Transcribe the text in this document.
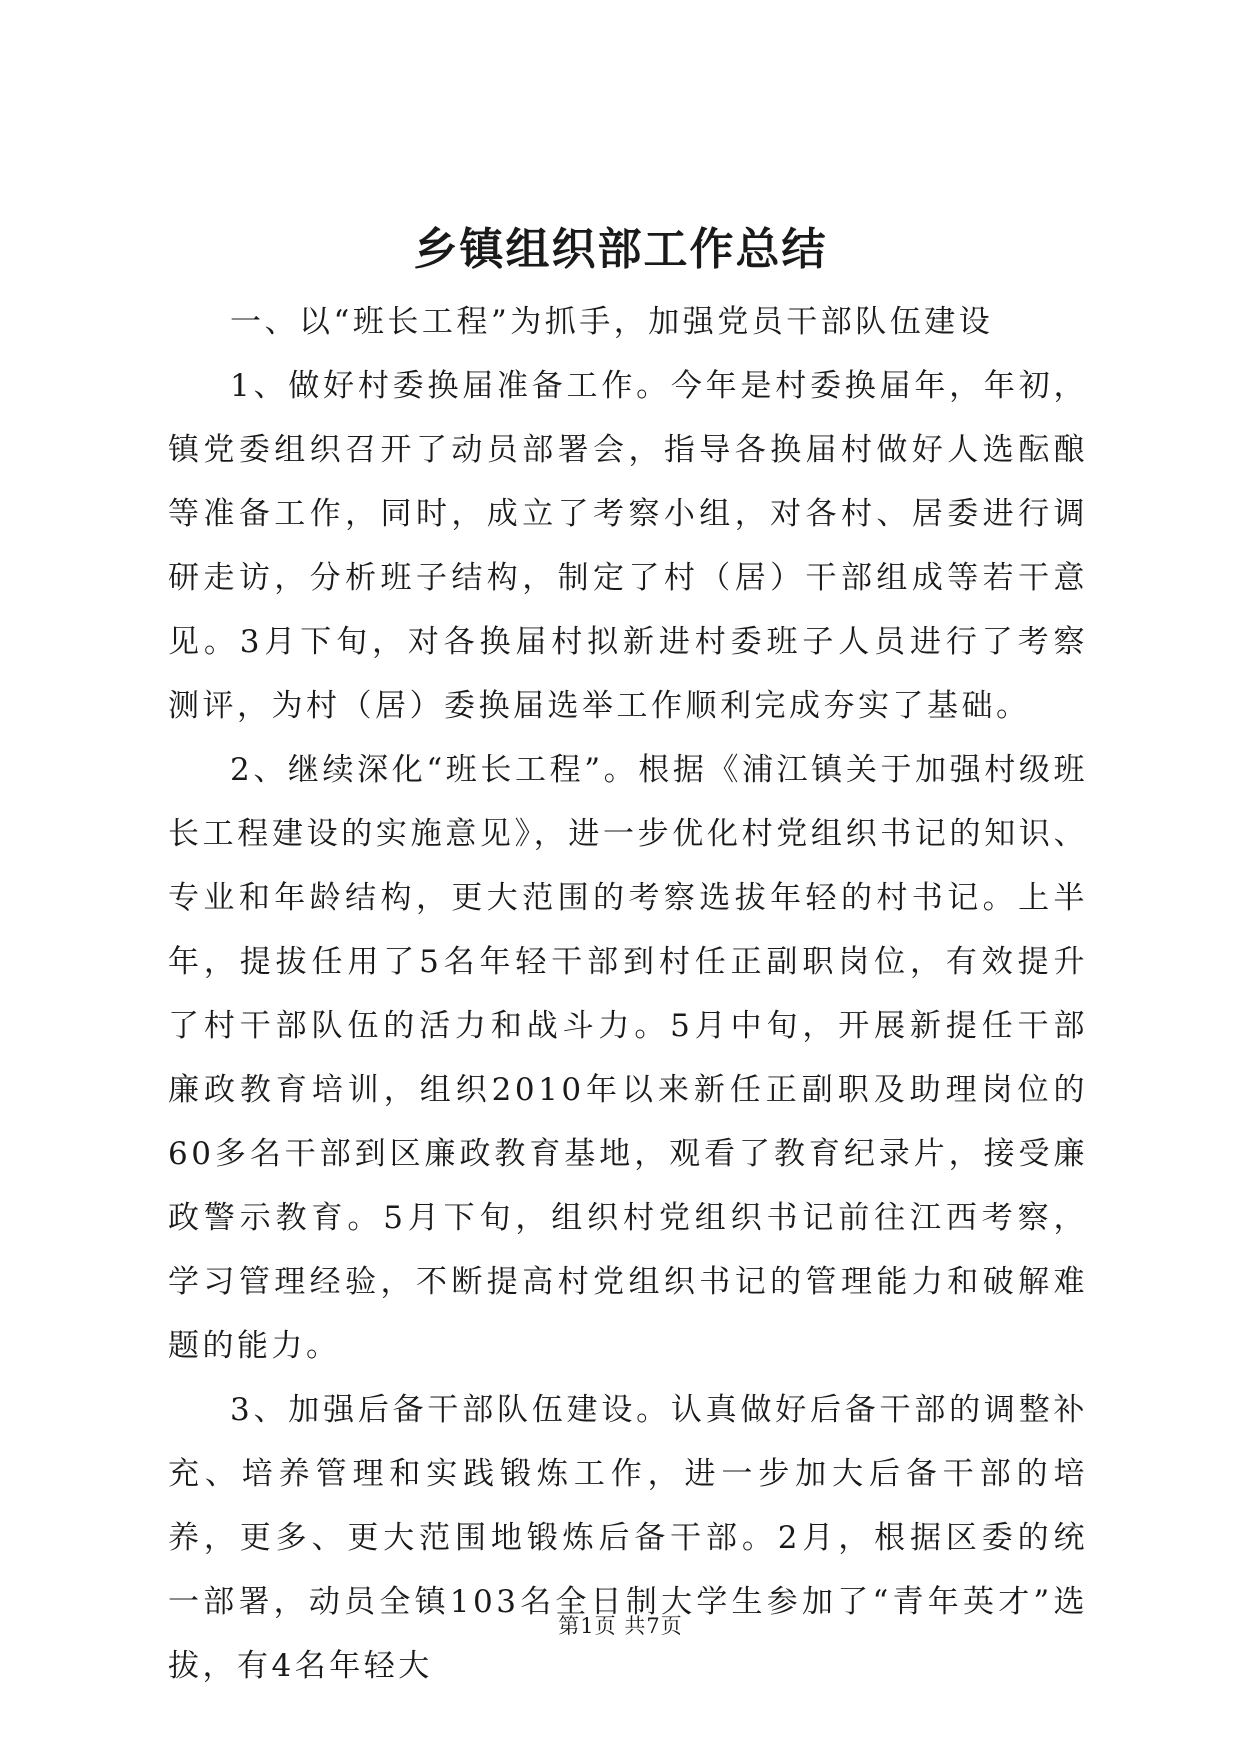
乡镇组织部工作总结

一、以“班长工程”为抓手，加强党员干部队伍建设

1、做好村委换届准备工作。今年是村委换届年，年初，镇党委组织召开了动员部署会，指导各换届村做好人选酝酿等准备工作，同时，成立了考察小组，对各村、居委进行调研走访，分析班子结构，制定了村（居）干部组成等若干意见。3月下旬，对各换届村拟新进村委班子人员进行了考察测评，为村（居）委换届选举工作顺利完成夯实了基础。

2、继续深化“班长工程”。根据《浦江镇关于加强村级班长工程建设的实施意见》，进一步优化村党组织书记的知识、专业和年龄结构，更大范围的考察选拔年轻的村书记。上半年，提拔任用了5名年轻干部到村任正副职岗位，有效提升了村干部队伍的活力和战斗力。5月中旬，开展新提任干部廉政教育培训，组织2010年以来新任正副职及助理岗位的60多名干部到区廉政教育基地，观看了教育纪录片，接受廉政警示教育。5月下旬，组织村党组织书记前往江西考察，学习管理经验，不断提高村党组织书记的管理能力和破解难题的能力。

3、加强后备干部队伍建设。认真做好后备干部的调整补充、培养管理和实践锻炼工作，进一步加大后备干部的培养，更多、更大范围地锻炼后备干部。2月，根据区委的统一部署，动员全镇103名全日制大学生参加了“青年英才”选拔，有4名年轻大

第1页 共7页
